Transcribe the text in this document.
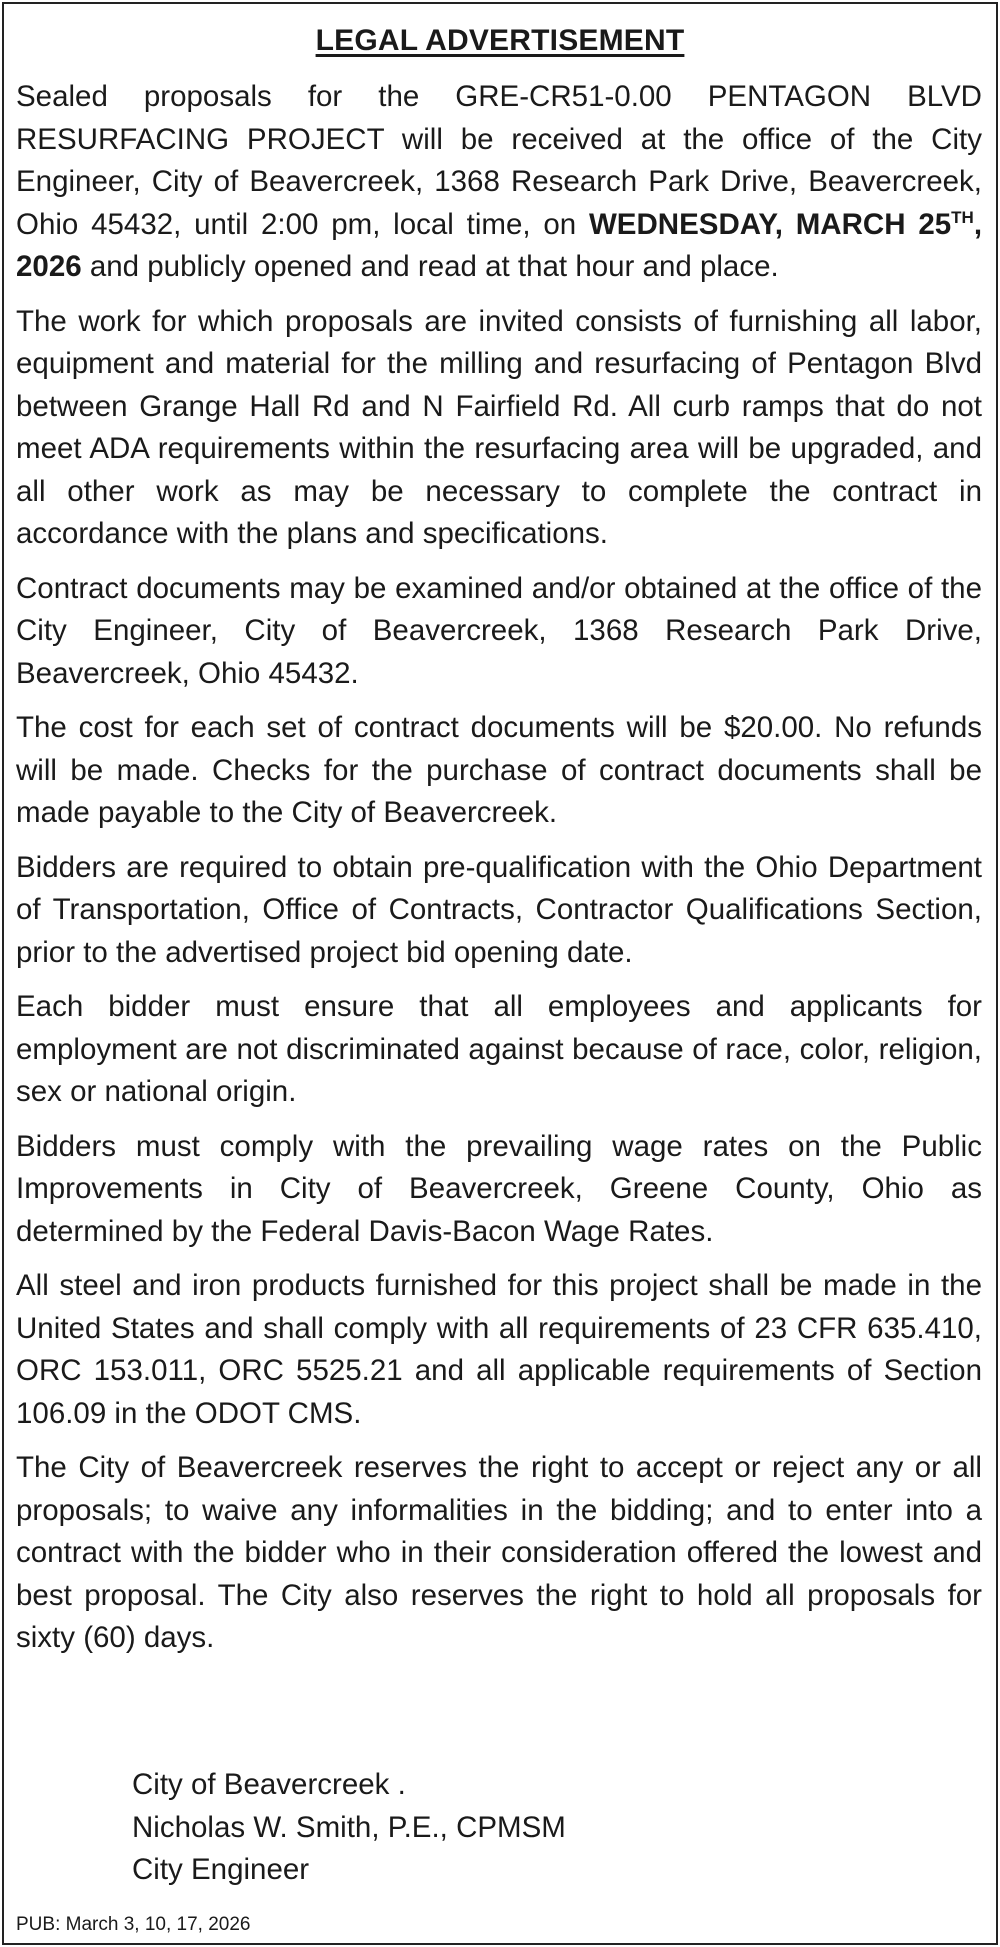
LEGAL ADVERTISEMENT

Sealed proposals for the GRE-CR51-0.00 PENTAGON BLVD RESURFACING PROJECT will be received at the office of the City Engineer, City of Beavercreek, 1368 Research Park Drive, Beavercreek, Ohio 45432, until 2:00 pm, local time, on WEDNESDAY, MARCH 25TH, 2026 and publicly opened and read at that hour and place.

The work for which proposals are invited consists of furnishing all labor, equipment and material for the milling and resurfacing of Pentagon Blvd between Grange Hall Rd and N Fairfield Rd. All curb ramps that do not meet ADA requirements within the resurfacing area will be upgraded, and all other work as may be necessary to complete the contract in accordance with the plans and specifications.

Contract documents may be examined and/or obtained at the office of the City Engineer, City of Beavercreek, 1368 Research Park Drive, Beavercreek, Ohio 45432.

The cost for each set of contract documents will be $20.00. No refunds will be made. Checks for the purchase of contract documents shall be made payable to the City of Beavercreek.

Bidders are required to obtain pre-qualification with the Ohio Department of Transportation, Office of Contracts, Contractor Qualifications Section, prior to the advertised project bid opening date.

Each bidder must ensure that all employees and applicants for employment are not discriminated against because of race, color, religion, sex or national origin.

Bidders must comply with the prevailing wage rates on the Public Improvements in City of Beavercreek, Greene County, Ohio as determined by the Federal Davis-Bacon Wage Rates.

All steel and iron products furnished for this project shall be made in the United States and shall comply with all requirements of 23 CFR 635.410, ORC 153.011, ORC 5525.21 and all applicable requirements of Section 106.09 in the ODOT CMS.

The City of Beavercreek reserves the right to accept or reject any or all proposals; to waive any informalities in the bidding; and to enter into a contract with the bidder who in their consideration offered the lowest and best proposal. The City also reserves the right to hold all proposals for sixty (60) days.

City of Beavercreek .
Nicholas W. Smith, P.E., CPMSM
City Engineer
PUB: March 3, 10, 17, 2026
